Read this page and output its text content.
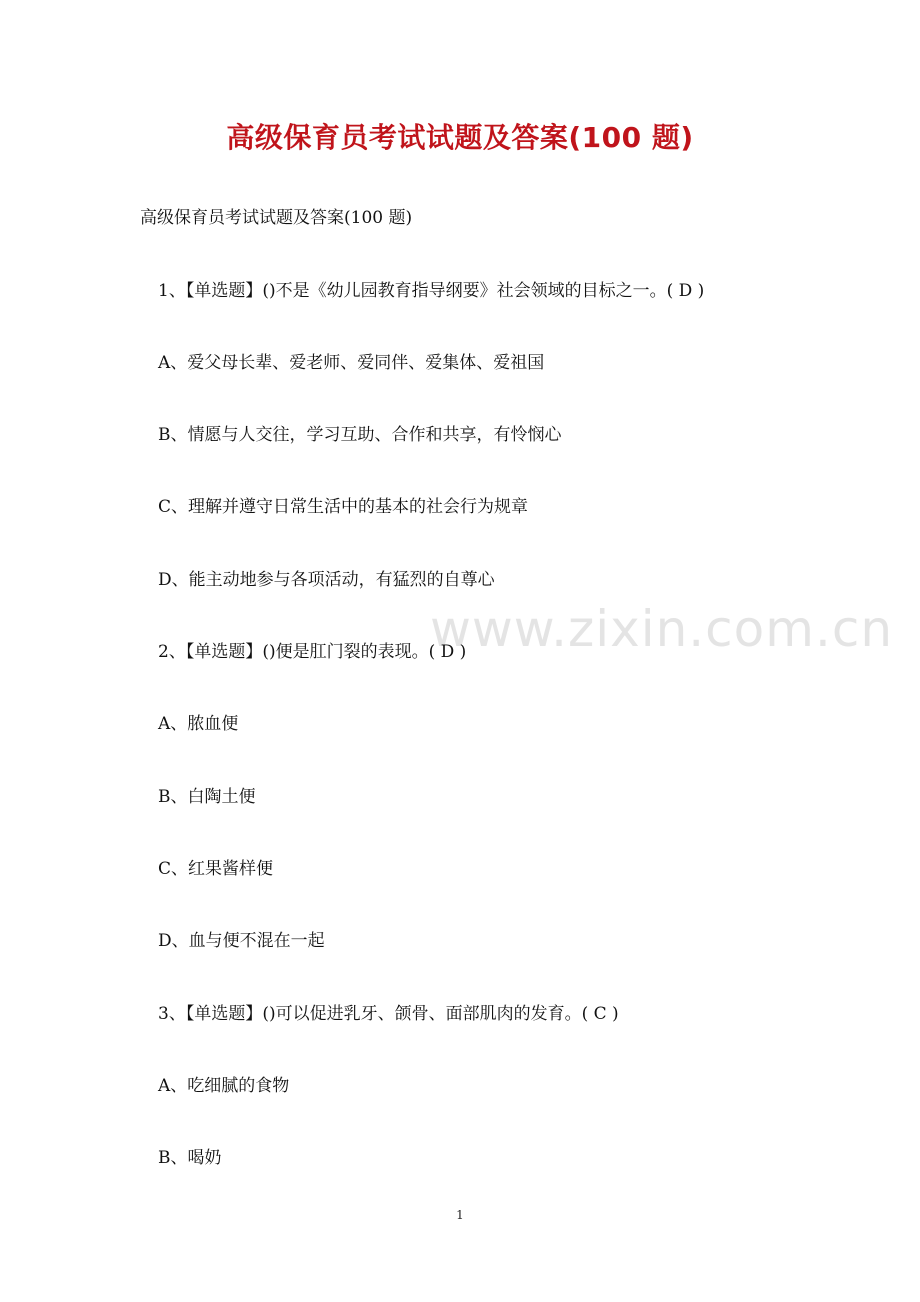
www.zixin.com.cn
高级保育员考试试题及答案(100 题)
高级保育员考试试题及答案(100 题)
1、【单选题】()不是《幼儿园教育指导纲要》社会领域的目标之一。( D )
A、爱父母长辈、爱老师、爱同伴、爱集体、爱祖国
B、情愿与人交往，学习互助、合作和共享，有怜悯心
C、理解并遵守日常生活中的基本的社会行为规章
D、能主动地参与各项活动，有猛烈的自尊心
2、【单选题】()便是肛门裂的表现。( D )
A、脓血便
B、白陶土便
C、红果酱样便
D、血与便不混在一起
3、【单选题】()可以促进乳牙、颌骨、面部肌肉的发育。( C )
A、吃细腻的食物
B、喝奶
1
